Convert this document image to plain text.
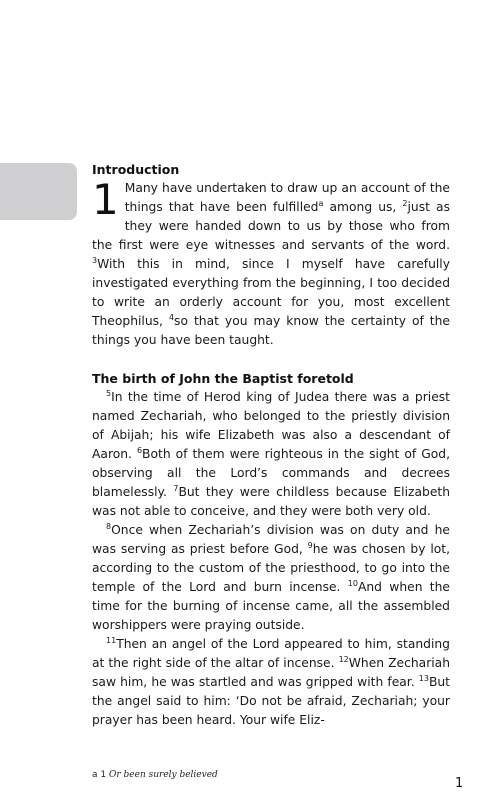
Introduction

1 Many have undertaken to draw up an account of the things that have been fulfilled$^a$ among us, $^2$just as they were handed down to us by those who from the first were eye witnesses and servants of the word. $^3$With this in mind, since I myself have carefully investigated everything from the beginning, I too decided to write an orderly account for you, most excellent Theophilus, $^4$so that you may know the certainty of the things you have been taught.

The birth of John the Baptist foretold

$^5$In the time of Herod king of Judea there was a priest named Zechariah, who belonged to the priestly division of Abijah; his wife Elizabeth was also a descendant of Aaron. $^6$Both of them were righteous in the sight of God, observing all the Lord’s commands and decrees blamelessly. $^7$But they were childless because Elizabeth was not able to conceive, and they were both very old.

$^8$Once when Zechariah’s division was on duty and he was serving as priest before God, $^9$he was chosen by lot, according to the custom of the priesthood, to go into the temple of the Lord and burn incense. $^{10}$And when the time for the burning of incense came, all the assembled worshippers were praying outside.

$^{11}$Then an angel of the Lord appeared to him, standing at the right side of the altar of incense. $^{12}$When Zechariah saw him, he was startled and was gripped with fear. $^{13}$But the angel said to him: ‘Do not be afraid, Zechariah; your prayer has been heard. Your wife Eliz-

a 1 Or been surely believed
1
